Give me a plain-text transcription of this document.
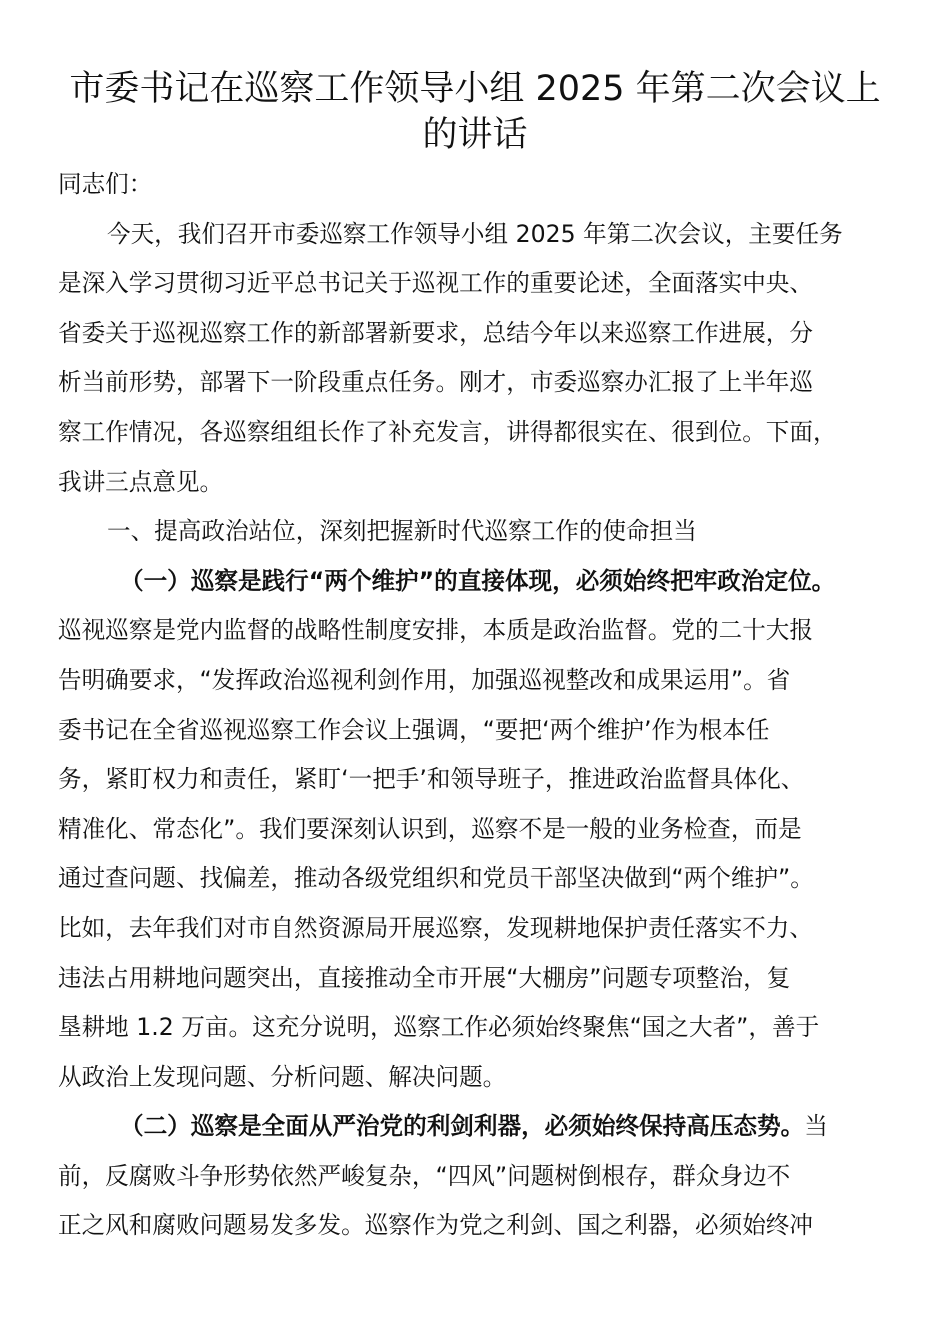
市委书记在巡察工作领导小组 2025 年第二次会议上
的讲话
同志们：
今天，我们召开市委巡察工作领导小组 2025 年第二次会议，主要任务
是深入学习贯彻习近平总书记关于巡视工作的重要论述，全面落实中央、
省委关于巡视巡察工作的新部署新要求，总结今年以来巡察工作进展，分
析当前形势，部署下一阶段重点任务。刚才，市委巡察办汇报了上半年巡
察工作情况，各巡察组组长作了补充发言，讲得都很实在、很到位。下面，
我讲三点意见。
一、提高政治站位，深刻把握新时代巡察工作的使命担当
（一）巡察是践行“两个维护”的直接体现，必须始终把牢政治定位。
巡视巡察是党内监督的战略性制度安排，本质是政治监督。党的二十大报
告明确要求，“发挥政治巡视利剑作用，加强巡视整改和成果运用”。省
委书记在全省巡视巡察工作会议上强调，“要把‘两个维护’作为根本任
务，紧盯权力和责任，紧盯‘一把手’和领导班子，推进政治监督具体化、
精准化、常态化”。我们要深刻认识到，巡察不是一般的业务检查，而是
通过查问题、找偏差，推动各级党组织和党员干部坚决做到“两个维护”。
比如，去年我们对市自然资源局开展巡察，发现耕地保护责任落实不力、
违法占用耕地问题突出，直接推动全市开展“大棚房”问题专项整治，复
垦耕地 1.2 万亩。这充分说明，巡察工作必须始终聚焦“国之大者”，善于
从政治上发现问题、分析问题、解决问题。
（二）巡察是全面从严治党的利剑利器，必须始终保持高压态势。当
前，反腐败斗争形势依然严峻复杂，“四风”问题树倒根存，群众身边不
正之风和腐败问题易发多发。巡察作为党之利剑、国之利器，必须始终冲
